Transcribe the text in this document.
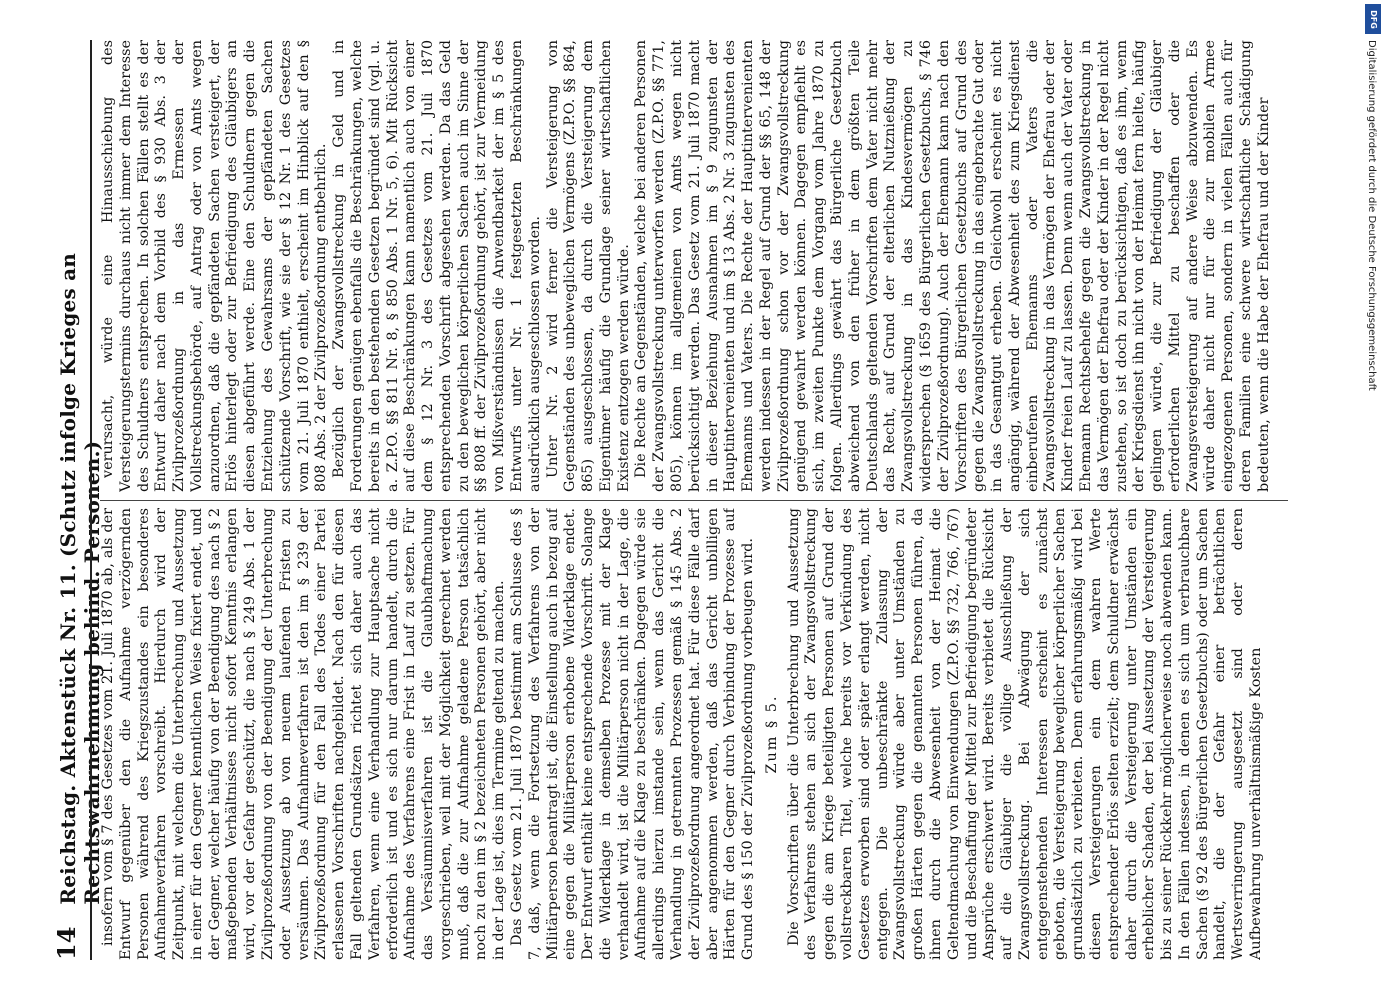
14
Reichstag. Aktenstück Nr. 11. (Schutz infolge Krieges an Rechtswahrnehmung behind. Personen.)

insofern vom § 7 des Gesetzes vom 21. Juli 1870 ab, als der Entwurf gegenüber den die Aufnahme verzögernden Personen während des Kriegszustandes ein besonderes Aufnahmeverfahren vorschreibt. Hierdurch wird der Zeitpunkt, mit welchem die Unterbrechung und Aussetzung in einer für den Gegner kenntlichen Weise fixiert endet, und der Gegner, welcher häufig von der Beendigung des nach § 2 maßgebenden Verhältnisses nicht sofort Kenntnis erlangen wird, vor der Gefahr geschützt, die nach § 249 Abs. 1 der Zivilprozeßordnung von der Beendigung der Unterbrechung oder Aussetzung ab von neuem laufenden Fristen zu versäumen. Das Aufnahmeverfahren ist den im § 239 der Zivilprozeßordnung für den Fall des Todes einer Partei erlassenen Vorschriften nachgebildet. Nach den für diesen Fall geltenden Grundsätzen richtet sich daher auch das Verfahren, wenn eine Verhandlung zur Hauptsache nicht erforderlich ist und es sich nur darum handelt, durch die Aufnahme des Verfahrens eine Frist in Lauf zu setzen. Für das Versäumnisverfahren ist die Glaubhaftmachung vorgeschrieben, weil mit der Möglichkeit gerechnet werden muß, daß die zur Aufnahme geladene Person tatsächlich noch zu den im § 2 bezeichneten Personen gehört, aber nicht in der Lage ist, dies im Termine geltend zu machen. Das Gesetz vom 21. Juli 1870 bestimmt am Schlusse des § 7, daß, wenn die Fortsetzung des Verfahrens von der Militärperson beantragt ist, die Einstellung auch in bezug auf eine gegen die Militärperson erhobene Widerklage endet. Der Entwurf enthält keine entsprechende Vorschrift. Solange die Widerklage in demselben Prozesse mit der Klage verhandelt wird, ist die Militärperson nicht in der Lage, die Aufnahme auf die Klage zu beschränken. Dagegen würde sie allerdings hierzu imstande sein, wenn das Gericht die Verhandlung in getrennten Prozessen gemäß § 145 Abs. 2 der Zivilprozeßordnung angeordnet hat. Für diese Fälle darf aber angenommen werden, daß das Gericht unbilligen Härten für den Gegner durch Verbindung der Prozesse auf Grund des § 150 der Zivilprozeßordnung vorbeugen wird. Zum § 5. Die Vorschriften über die Unterbrechung und Aussetzung des Verfahrens stehen an sich der Zwangsvollstreckung gegen die am Kriege beteiligten Personen auf Grund der vollstreckbaren Titel, welche bereits vor Verkündung des Gesetzes erworben sind oder später erlangt werden, nicht entgegen. Die unbeschränkte Zulassung der Zwangsvollstreckung würde aber unter Umständen zu großen Härten gegen die genannten Personen führen, da ihnen durch die Abwesenheit von der Heimat die Geltendmachung von Einwendungen (Z.P.O. §§ 732, 766, 767) und die Beschaffung der Mittel zur Befriedigung begründeter Ansprüche erschwert wird. Bereits verbietet die Rücksicht auf die Gläubiger die völlige Ausschließung der Zwangsvollstreckung. Bei Abwägung der sich entgegenstehenden Interessen erscheint es zunächst geboten, die Versteigerung beweglicher körperlicher Sachen grundsätzlich zu verbieten. Denn erfahrungsmäßig wird bei diesen Versteigerungen ein dem wahren Werte entsprechender Erlös selten erzielt; dem Schuldner erwächst daher durch die Versteigerung unter Umständen ein erheblicher Schaden, der bei Aussetzung der Versteigerung bis zu seiner Rückkehr möglicherweise noch abwenden kann. In den Fällen indessen, in denen es sich um verbrauchbare Sachen (§ 92 des Bürgerlichen Gesetzbuchs) oder um Sachen handelt, die der Gefahr einer beträchtlichen Wertsverringerung ausgesetzt sind oder deren Aufbewahrung unverhältnismäßige Kosten

verursacht, würde eine Hinausschiebung des Versteigerungstermins durchaus nicht immer dem Interesse des Schuldners entsprechen. In solchen Fällen stellt es der Entwurf daher nach dem Vorbild des § 930 Abs. 3 der Zivilprozeßordnung in das Ermessen der Vollstreckungsbehörde, auf Antrag oder von Amts wegen anzuordnen, daß die gepfändeten Sachen versteigert, der Erlös hinterlegt oder zur Befriedigung des Gläubigers an diesen abgeführt werde. Eine den Schuldnern gegen die Entziehung des Gewahrsams der gepfändeten Sachen schützende Vorschrift, wie sie der § 12 Nr. 1 des Gesetzes vom 21. Juli 1870 enthielt, erscheint im Hinblick auf den § 808 Abs. 2 der Zivilprozeßordnung entbehrlich. Bezüglich der Zwangsvollstreckung in Geld und in Forderungen genügen ebenfalls die Beschränkungen, welche bereits in den bestehenden Gesetzen begründet sind (vgl. u. a. Z.P.O. §§ 811 Nr. 8, § 850 Abs. 1 Nr. 5, 6). Mit Rücksicht auf diese Beschränkungen kann namentlich auch von einer dem § 12 Nr. 3 des Gesetzes vom 21. Juli 1870 entsprechenden Vorschrift abgesehen werden. Da das Geld zu den beweglichen körperlichen Sachen auch im Sinne der §§ 808 ff. der Zivilprozeßordnung gehört, ist zur Vermeidung von Mißverständnissen die Anwendbarkeit der im § 5 des Entwurfs unter Nr. 1 festgesetzten Beschränkungen ausdrücklich ausgeschlossen worden. Unter Nr. 2 wird ferner die Versteigerung von Gegenständen des unbeweglichen Vermögens (Z.P.O. §§ 864, 865) ausgeschlossen, da durch die Versteigerung dem Eigentümer häufig die Grundlage seiner wirtschaftlichen Existenz entzogen werden würde. Die Rechte an Gegenständen, welche bei anderen Personen der Zwangsvollstreckung unterworfen werden (Z.P.O. §§ 771, 805), können im allgemeinen von Amts wegen nicht berücksichtigt werden. Das Gesetz vom 21. Juli 1870 macht in dieser Beziehung Ausnahmen im § 9 zugunsten der Hauptintervenienten und im § 13 Abs. 2 Nr. 3 zugunsten des Ehemanns und Vaters. Die Rechte der Hauptintervenienten werden indessen in der Regel auf Grund der §§ 65, 148 der Zivilprozeßordnung schon vor der Zwangsvollstreckung genügend gewahrt werden können. Dagegen empfiehlt es sich, im zweiten Punkte dem Vorgang vom Jahre 1870 zu folgen. Allerdings gewährt das Bürgerliche Gesetzbuch abweichend von den früher in dem größten Teile Deutschlands geltenden Vorschriften dem Vater nicht mehr das Recht, auf Grund der elterlichen Nutznießung der Zwangsvollstreckung in das Kindesvermögen zu widersprechen (§ 1659 des Bürgerlichen Gesetzbuchs, § 746 der Zivilprozeßordnung). Auch der Ehemann kann nach den Vorschriften des Bürgerlichen Gesetzbuchs auf Grund des gegen die Zwangsvollstreckung in das eingebrachte Gut oder in das Gesamtgut erheben. Gleichwohl erscheint es nicht angängig, während der Abwesenheit des zum Kriegsdienst einberufenen Ehemanns oder Vaters die Zwangsvollstreckung in das Vermögen der Ehefrau oder der Kinder freien Lauf zu lassen. Denn wenn auch der Vater oder Ehemann Rechtsbehelfe gegen die Zwangsvollstreckung in das Vermögen der Ehefrau oder der Kinder in der Regel nicht zustehen, so ist doch zu berücksichtigen, daß es ihm, wenn der Kriegsdienst ihn nicht von der Heimat fern hielte, häufig gelingen würde, die zur Befriedigung der Gläubiger erforderlichen Mittel zu beschaffen oder die Zwangsversteigerung auf andere Weise abzuwenden. Es würde daher nicht nur für die zur mobilen Armee eingezogenen Personen, sondern in vielen Fällen auch für deren Familien eine schwere wirtschaftliche Schädigung bedeuten, wenn die Habe der Ehefrau und der Kinder

DFG
Digitalisierung gefördert durch die Deutsche Forschungsgemeinschaft
